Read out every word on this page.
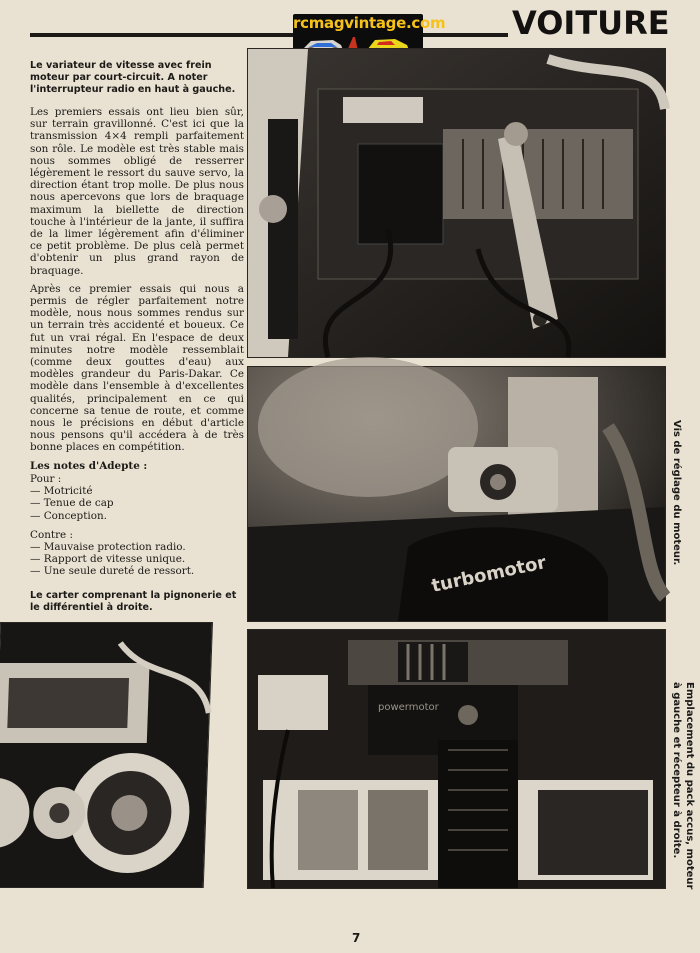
VOITURE
rcmagvintage.com
Le variateur de vitesse avec frein moteur par court-circuit. A noter l'interrupteur radio en haut à gauche.

Les premiers essais ont lieu bien sûr, sur terrain gravillonné. C'est ici que la transmission 4×4 rempli parfaitement son rôle. Le modèle est très stable mais nous sommes obligé de resserrer légèrement le ressort du sauve servo, la direction étant trop molle. De plus nous nous apercevons que lors de braquage maximum la biellette de direction touche à l'intérieur de la jante, il suffira de la limer légèrement afin d'éliminer ce petit problème. De plus celà permet d'obtenir un plus grand rayon de braquage.

Après ce premier essais qui nous a permis de régler parfaitement notre modèle, nous nous sommes rendus sur un terrain très accidenté et boueux. Ce fut un vrai régal. En l'espace de deux minutes notre modèle ressemblait (comme deux gouttes d'eau) aux modèles grandeur du Paris-Dakar. Ce modèle dans l'ensemble à d'excellentes qualités, principalement en ce qui concerne sa tenue de route, et comme nous le précisions en début d'article nous pensons qu'il accédera à de très bonne places en compétition.

Les notes d'Adepte :
Pour :
— Motricité
— Tenue de cap
— Conception.
Contre :
— Mauvaise protection radio.
— Rapport de vitesse unique.
— Une seule dureté de ressort.
Le carter comprenant la pignonerie et le différentiel à droite.
turbomotor
powermotor
Vis de réglage du moteur.
Emplacement du pack accus, moteur à gauche et récepteur à droite.
7
